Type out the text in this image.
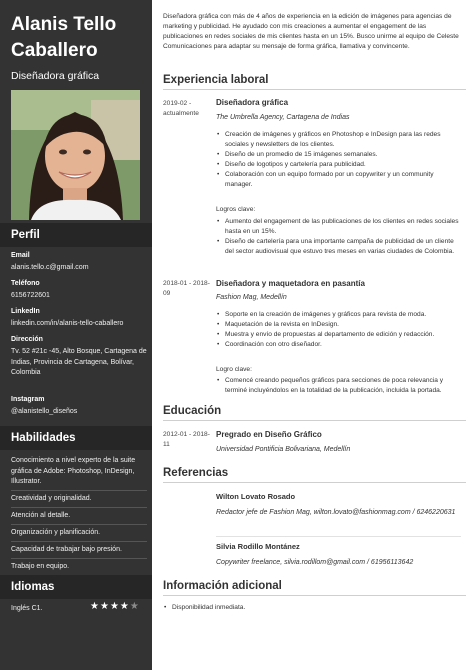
Alanis Tello Caballero
Diseñadora gráfica
Perfil
Email
alanis.tello.c@gmail.com
Teléfono
6156722601
LinkedIn
linkedin.com/in/alanis-tello-caballero
Dirección
Tv. 52 #21c -45, Alto Bosque, Cartagena de Indias, Provincia de Cartagena, Bolívar, Colombia
Instagram
@alanistello_diseños
Habilidades
Conocimiento a nivel experto de la suite gráfica de Adobe: Photoshop, InDesign, Illustrator.
Creatividad y originalidad.
Atención al detalle.
Organización y planificación.
Capacidad de trabajar bajo presión.
Trabajo en equipo.
Idiomas
Inglés C1.	★★★★★
Diseñadora gráfica con más de 4 años de experiencia en la edición de imágenes para agencias de marketing y publicidad. He ayudado con mis creaciones a aumentar el engagement de las publicaciones en redes sociales de mis clientes hasta en un 15%. Busco unirme al equipo de Celeste Comunicaciones para adaptar su mensaje de forma gráfica, llamativa y convincente.
Experiencia laboral
2019-02 - actualmente
Diseñadora gráfica
The Umbrella Agency, Cartagena de Indias
• Creación de imágenes y gráficos en Photoshop e InDesign para las redes sociales y newsletters de los clientes.
• Diseño de un promedio de 15 imágenes semanales.
• Diseño de logotipos y cartelería para publicidad.
• Colaboración con un equipo formado por un copywriter y un community manager.
Logros clave:
• Aumento del engagement de las publicaciones de los clientes en redes sociales hasta en un 15%.
• Diseño de cartelería para una importante campaña de publicidad de un cliente del sector audiovisual que estuvo tres meses en varias ciudades de Colombia.
2018-01 - 2018-09
Diseñadora y maquetadora en pasantía
Fashion Mag, Medellín
• Soporte en la creación de imágenes y gráficos para revista de moda.
• Maquetación de la revista en InDesign.
• Muestra y envío de propuestas al departamento de edición y redacción.
• Coordinación con otro diseñador.
Logro clave:
• Comencé creando pequeños gráficos para secciones de poca relevancia y terminé incluyéndolos en la totalidad de la publicación, incluida la portada.
Educación
2012-01 - 2018-11
Pregrado en Diseño Gráfico
Universidad Pontificia Bolivariana, Medellín
Referencias
Wilton Lovato Rosado
Redactor jefe de Fashion Mag, wilton.lovato@fashionmag.com / 6246220631
Silvia Rodillo Montánez
Copywriter freelance, silvia.rodillom@gmail.com / 61956113642
Información adicional
• Disponibilidad inmediata.
